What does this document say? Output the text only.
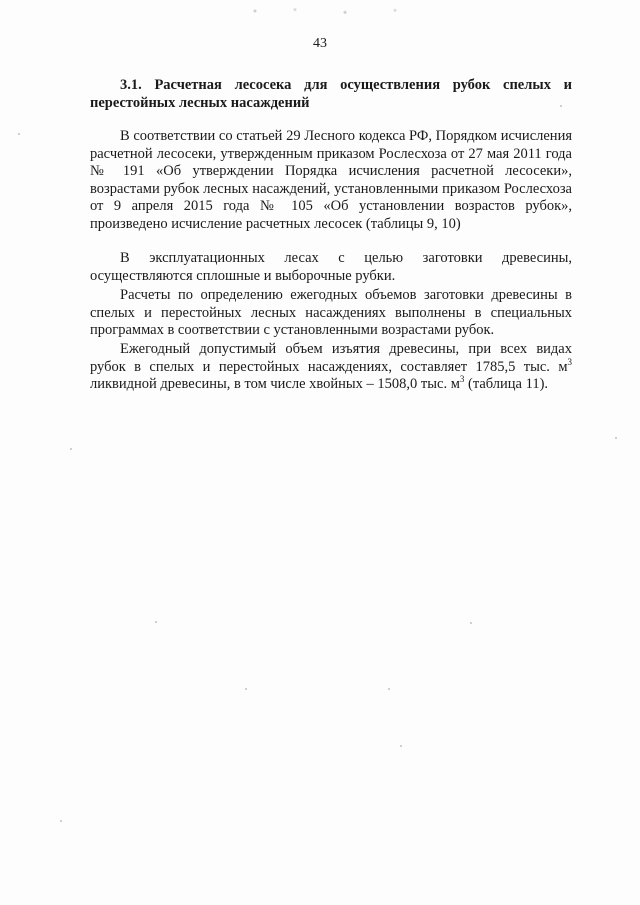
43
3.1. Расчетная лесосека для осуществления рубок спелых и перестойных лесных насаждений

В соответствии со статьей 29 Лесного кодекса РФ, Порядком исчисления расчетной лесосеки, утвержденным приказом Рослесхоза от 27 мая 2011 года № 191 «Об утверждении Порядка исчисления расчетной лесосеки», возрастами рубок лесных насаждений, установленными приказом Рослесхоза от 9 апреля 2015 года № 105 «Об установлении возрастов рубок», произведено исчисление расчетных лесосек (таблицы 9, 10)

В эксплуатационных лесах с целью заготовки древесины, осуществляются сплошные и выборочные рубки.

Расчеты по определению ежегодных объемов заготовки древесины в спелых и перестойных лесных насаждениях выполнены в специальных программах в соответствии с установленными возрастами рубок.

Ежегодный допустимый объем изъятия древесины, при всех видах рубок в спелых и перестойных насаждениях, составляет 1785,5 тыс. $м^3$ ликвидной древесины, в том числе хвойных – 1508,0 тыс. $м^3$ (таблица 11).
